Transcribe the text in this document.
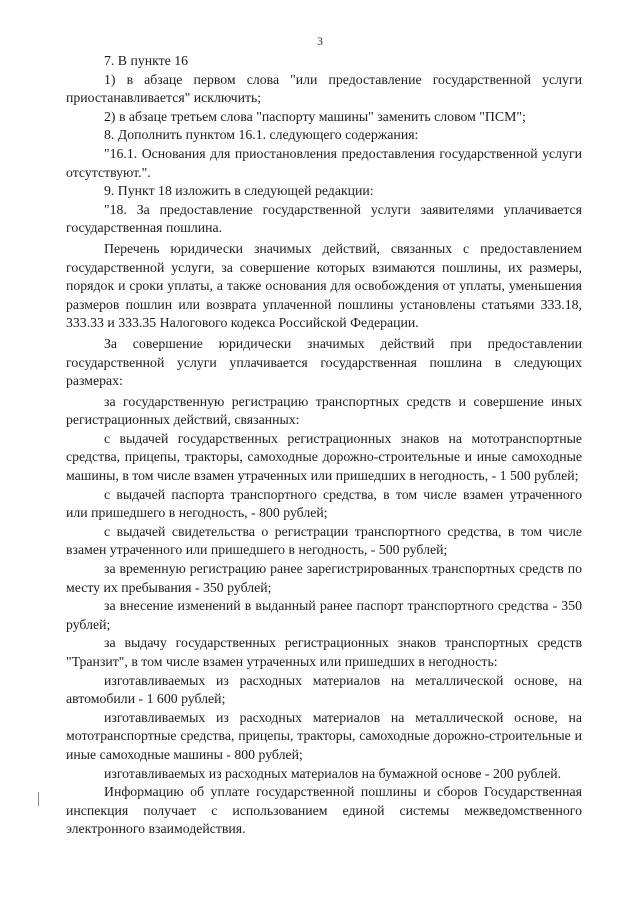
3

7. В пункте 16

1) в абзаце первом слова "или предоставление государственной услуги приостанавливается" исключить;

2) в абзаце третьем слова "паспорту машины" заменить словом "ПСМ";

8. Дополнить пунктом 16.1. следующего содержания:

"16.1. Основания для приостановления предоставления государственной услуги отсутствуют.".

9. Пункт 18 изложить в следующей редакции:

"18. За предоставление государственной услуги заявителями уплачивается государственная пошлина.

Перечень юридически значимых действий, связанных с предоставлением государственной услуги, за совершение которых взимаются пошлины, их размеры, порядок и сроки уплаты, а также основания для освобождения от уплаты, уменьшения размеров пошлин или возврата уплаченной пошлины установлены статьями 333.18, 333.33 и 333.35 Налогового кодекса Российской Федерации.

За совершение юридически значимых действий при предоставлении государственной услуги уплачивается государственная пошлина в следующих размерах:

за государственную регистрацию транспортных средств и совершение иных регистрационных действий, связанных:

с выдачей государственных регистрационных знаков на мототранспортные средства, прицепы, тракторы, самоходные дорожно-строительные и иные самоходные машины, в том числе взамен утраченных или пришедших в негодность, - 1 500 рублей;

с выдачей паспорта транспортного средства, в том числе взамен утраченного или пришедшего в негодность, - 800 рублей;

с выдачей свидетельства о регистрации транспортного средства, в том числе взамен утраченного или пришедшего в негодность, - 500 рублей;

за временную регистрацию ранее зарегистрированных транспортных средств по месту их пребывания - 350 рублей;

за внесение изменений в выданный ранее паспорт транспортного средства - 350 рублей;

за выдачу государственных регистрационных знаков транспортных средств "Транзит", в том числе взамен утраченных или пришедших в негодность:

изготавливаемых из расходных материалов на металлической основе, на автомобили - 1 600 рублей;

изготавливаемых из расходных материалов на металлической основе, на мототранспортные средства, прицепы, тракторы, самоходные дорожно-строительные и иные самоходные машины - 800 рублей;

изготавливаемых из расходных материалов на бумажной основе - 200 рублей.

Информацию об уплате государственной пошлины и сборов Государственная инспекция получает с использованием единой системы межведомственного электронного взаимодействия.
